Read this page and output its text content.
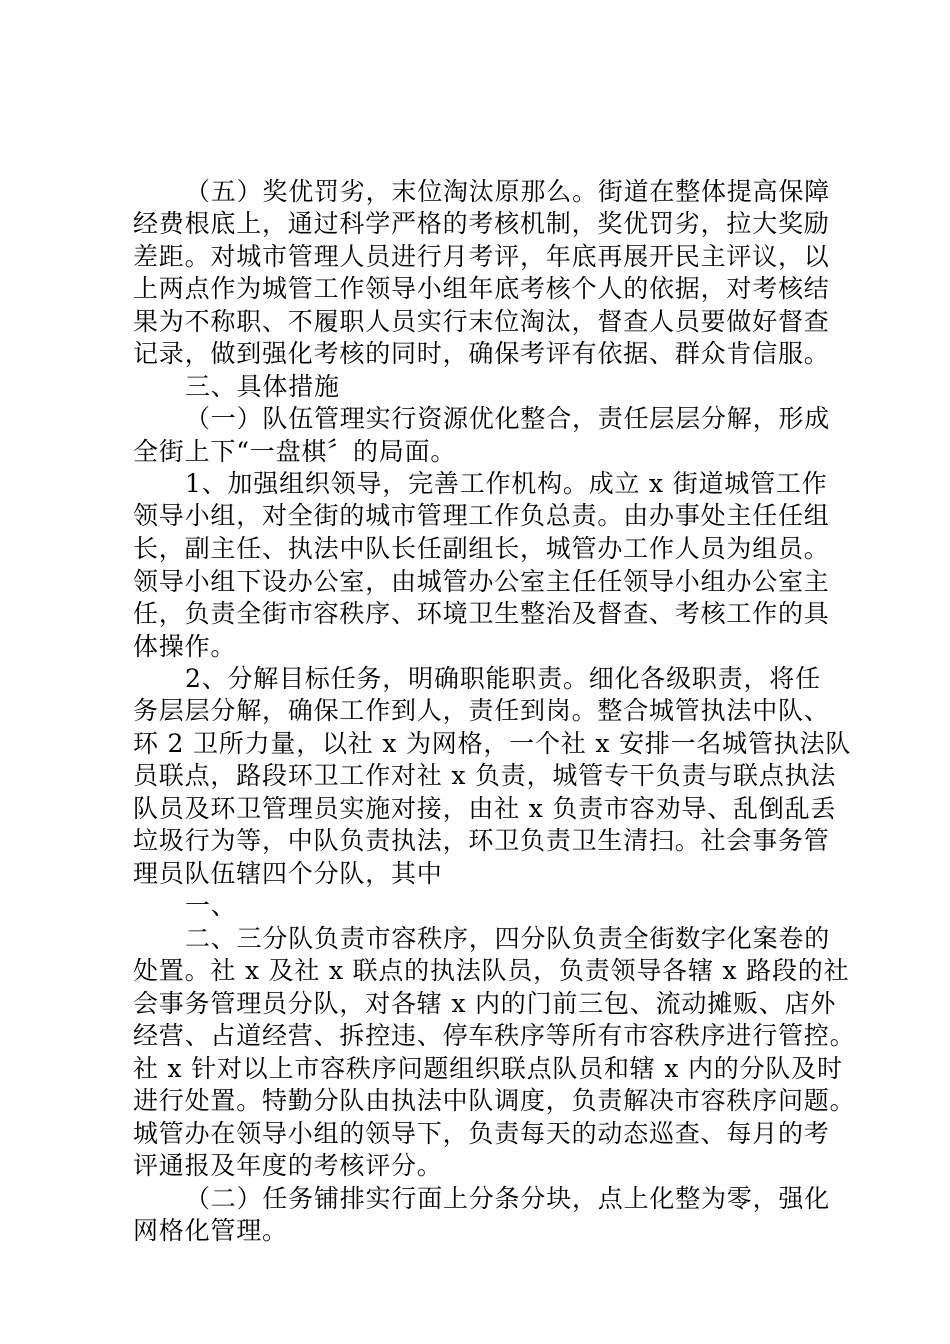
（五）奖优罚劣，末位淘汰原那么。街道在整体提高保障
经费根底上，通过科学严格的考核机制，奖优罚劣，拉大奖励
差距。对城市管理人员进行月考评，年底再展开民主评议，以
上两点作为城管工作领导小组年底考核个人的依据，对考核结
果为不称职、不履职人员实行末位淘汰，督查人员要做好督查
记录，做到强化考核的同时，确保考评有依据、群众肯信服。
三、具体措施
（一）队伍管理实行资源优化整合，责任层层分解，形成
全街上下“一盘棋〞的局面。
1、加强组织领导，完善工作机构。成立 x 街道城管工作
领导小组，对全街的城市管理工作负总责。由办事处主任任组
长，副主任、执法中队长任副组长，城管办工作人员为组员。
领导小组下设办公室，由城管办公室主任任领导小组办公室主
任，负责全街市容秩序、环境卫生整治及督查、考核工作的具
体操作。
2、分解目标任务，明确职能职责。细化各级职责，将任
务层层分解，确保工作到人，责任到岗。整合城管执法中队、
环 2 卫所力量，以社 x 为网格，一个社 x 安排一名城管执法队
员联点，路段环卫工作对社 x 负责，城管专干负责与联点执法
队员及环卫管理员实施对接，由社 x 负责市容劝导、乱倒乱丢
垃圾行为等，中队负责执法，环卫负责卫生清扫。社会事务管
理员队伍辖四个分队，其中
一、
二、三分队负责市容秩序，四分队负责全街数字化案卷的
处置。社 x 及社 x 联点的执法队员，负责领导各辖 x 路段的社
会事务管理员分队，对各辖 x 内的门前三包、流动摊贩、店外
经营、占道经营、拆控违、停车秩序等所有市容秩序进行管控。
社 x 针对以上市容秩序问题组织联点队员和辖 x 内的分队及时
进行处置。特勤分队由执法中队调度，负责解决市容秩序问题。
城管办在领导小组的领导下，负责每天的动态巡查、每月的考
评通报及年度的考核评分。
（二）任务铺排实行面上分条分块，点上化整为零，强化
网格化管理。
